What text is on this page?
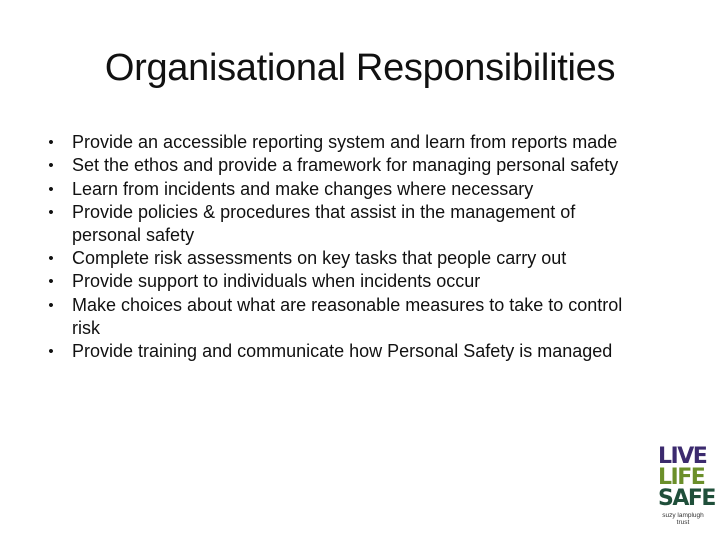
Organisational Responsibilities
• Provide an accessible reporting system and learn from reports made
• Set the ethos and provide a framework for managing personal safety
• Learn from incidents and make changes where necessary
• Provide policies & procedures that assist in the management of personal safety
• Complete risk assessments on key tasks that people carry out
• Provide support to individuals when incidents occur
• Make choices about what are reasonable measures to take to control risk
• Provide training and communicate how Personal Safety is managed
LIVE
LIFE
SAFE
suzy lamplugh
trust
